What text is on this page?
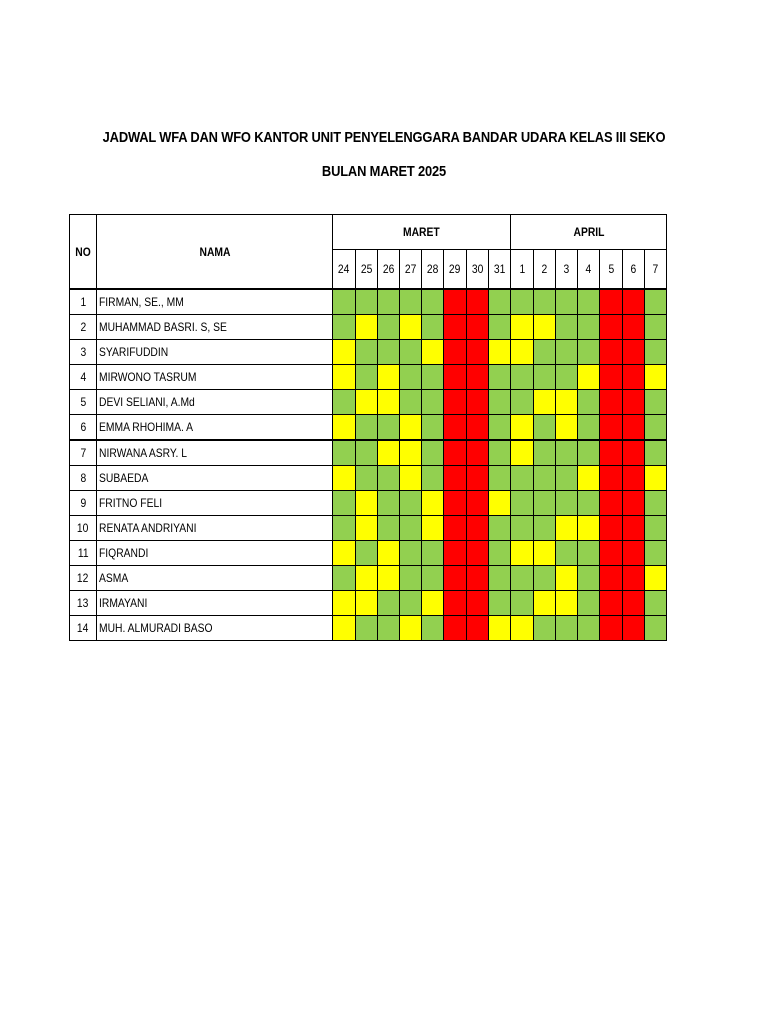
JADWAL WFA DAN WFO KANTOR UNIT PENYELENGGARA BANDAR UDARA KELAS III SEKO
BULAN MARET 2025
NO	NAMA	MARET								APRIL						
		24	25	26	27	28	29	30	31	1	2	3	4	5	6	7
1	FIRMAN, SE., MM															
2	MUHAMMAD BASRI. S, SE															
3	SYARIFUDDIN															
4	MIRWONO TASRUM															
5	DEVI SELIANI, A.Md															
6	EMMA RHOHIMA. A															
7	NIRWANA ASRY. L															
8	SUBAEDA															
9	FRITNO FELI															
10	RENATA ANDRIYANI															
11	FIQRANDI															
12	ASMA															
13	IRMAYANI															
14	MUH. ALMURADI BASO															
